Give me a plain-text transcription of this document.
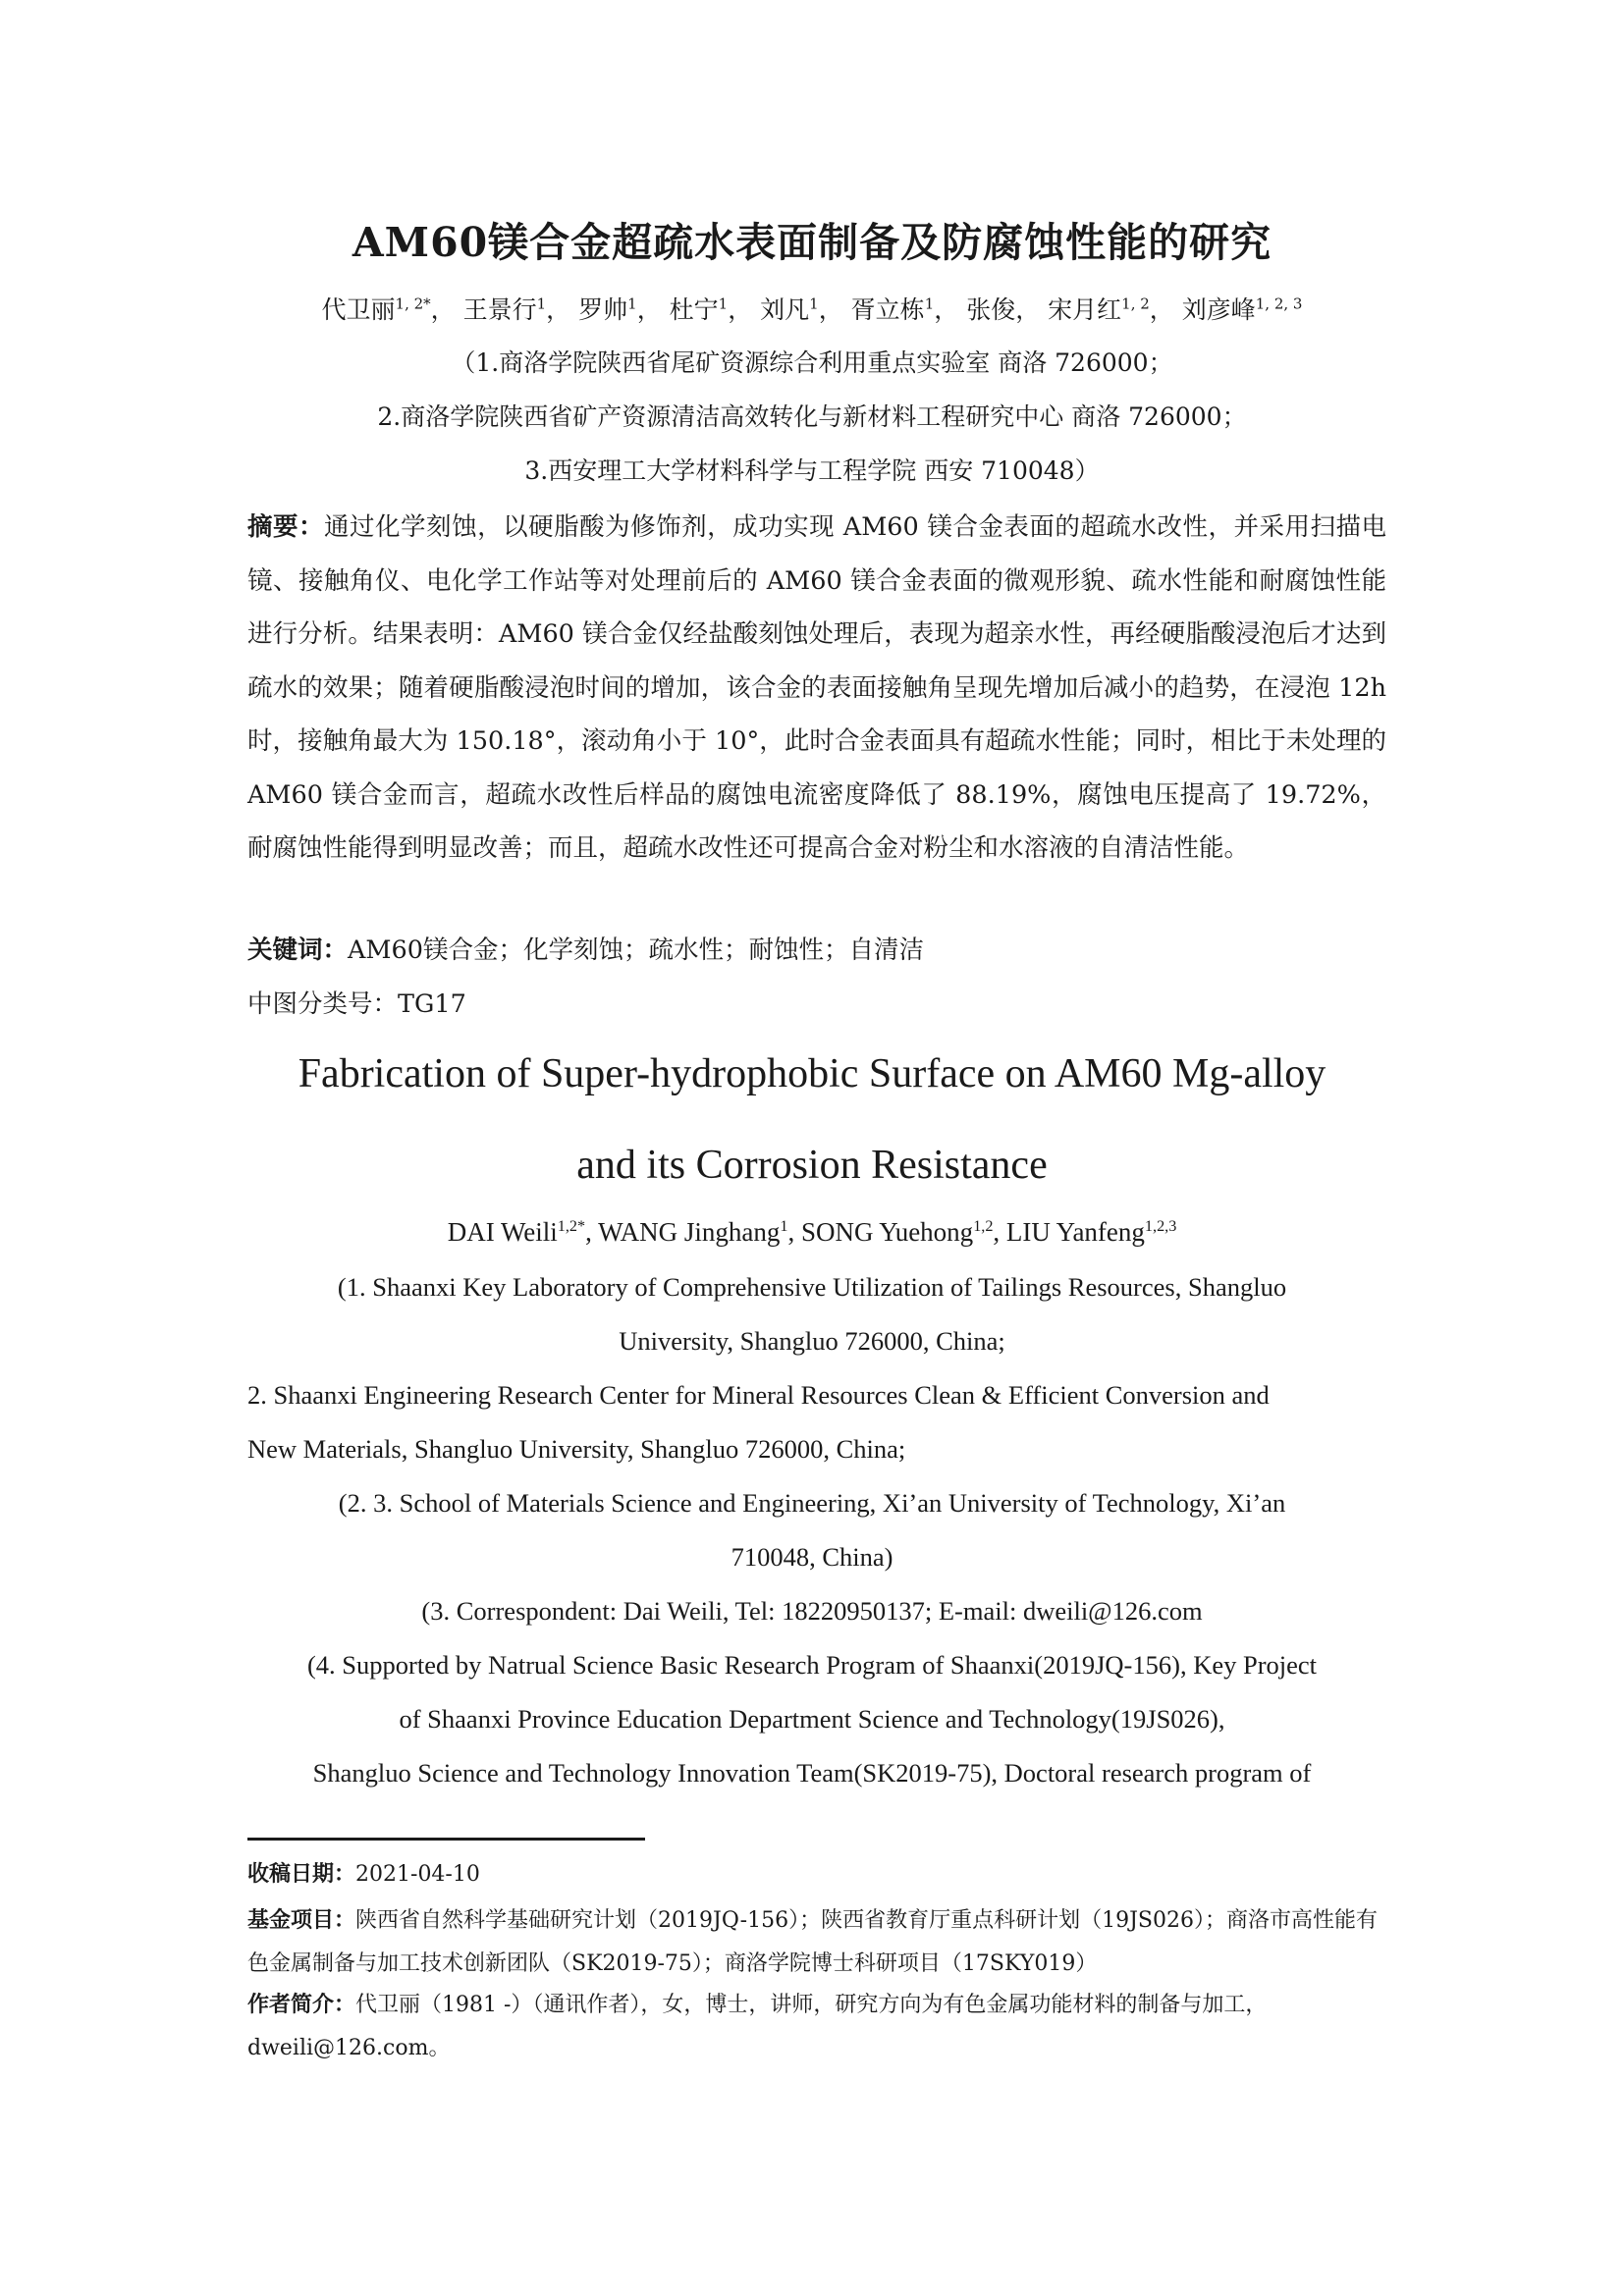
AM60镁合金超疏水表面制备及防腐蚀性能的研究
代卫丽$^{1, 2*}$， 王景行$^1$， 罗帅$^1$， 杜宁$^1$， 刘凡$^1$， 胥立栋$^1$， 张俊， 宋月红$^{1, 2}$， 刘彦峰$^{1, 2, 3}$
（1.商洛学院陕西省尾矿资源综合利用重点实验室 商洛 726000；
2.商洛学院陕西省矿产资源清洁高效转化与新材料工程研究中心 商洛 726000；
3.西安理工大学材料科学与工程学院 西安 710048）
摘要：通过化学刻蚀，以硬脂酸为修饰剂，成功实现 AM60 镁合金表面的超疏水改性，并采用扫描电镜、接触角仪、电化学工作站等对处理前后的 AM60 镁合金表面的微观形貌、疏水性能和耐腐蚀性能进行分析。结果表明：AM60 镁合金仅经盐酸刻蚀处理后，表现为超亲水性，再经硬脂酸浸泡后才达到疏水的效果；随着硬脂酸浸泡时间的增加，该合金的表面接触角呈现先增加后减小的趋势，在浸泡 12h 时，接触角最大为 150.18°，滚动角小于 10°，此时合金表面具有超疏水性能；同时，相比于未处理的 AM60 镁合金而言，超疏水改性后样品的腐蚀电流密度降低了 88.19%，腐蚀电压提高了 19.72%，耐腐蚀性能得到明显改善；而且，超疏水改性还可提高合金对粉尘和水溶液的自清洁性能。
关键词：AM60镁合金；化学刻蚀；疏水性；耐蚀性；自清洁
中图分类号：TG17
Fabrication of Super-hydrophobic Surface on AM60 Mg-alloy
and its Corrosion Resistance
DAI Weili$^{1,2*}$, WANG Jinghang$^1$, SONG Yuehong$^{1,2}$, LIU Yanfeng$^{1,2,3}$
(1. Shaanxi Key Laboratory of Comprehensive Utilization of Tailings Resources, Shangluo
University, Shangluo 726000, China;
2. Shaanxi Engineering Research Center for Mineral Resources Clean & Efficient Conversion and
New Materials, Shangluo University, Shangluo 726000, China;
(2. 3. School of Materials Science and Engineering, Xi’an University of Technology, Xi’an
710048, China)
(3. Correspondent: Dai Weili, Tel: 18220950137; E-mail: dweili@126.com
(4. Supported by Natrual Science Basic Research Program of Shaanxi(2019JQ-156), Key Project
of Shaanxi Province Education Department Science and Technology(19JS026),
Shangluo Science and Technology Innovation Team(SK2019-75), Doctoral research program of
收稿日期：2021-04-10
基金项目：陕西省自然科学基础研究计划（2019JQ-156）；陕西省教育厅重点科研计划（19JS026）；商洛市高性能有色金属制备与加工技术创新团队（SK2019-75）；商洛学院博士科研项目（17SKY019）
作者简介：代卫丽（1981 -）（通讯作者），女，博士，讲师，研究方向为有色金属功能材料的制备与加工，dweili@126.com。
